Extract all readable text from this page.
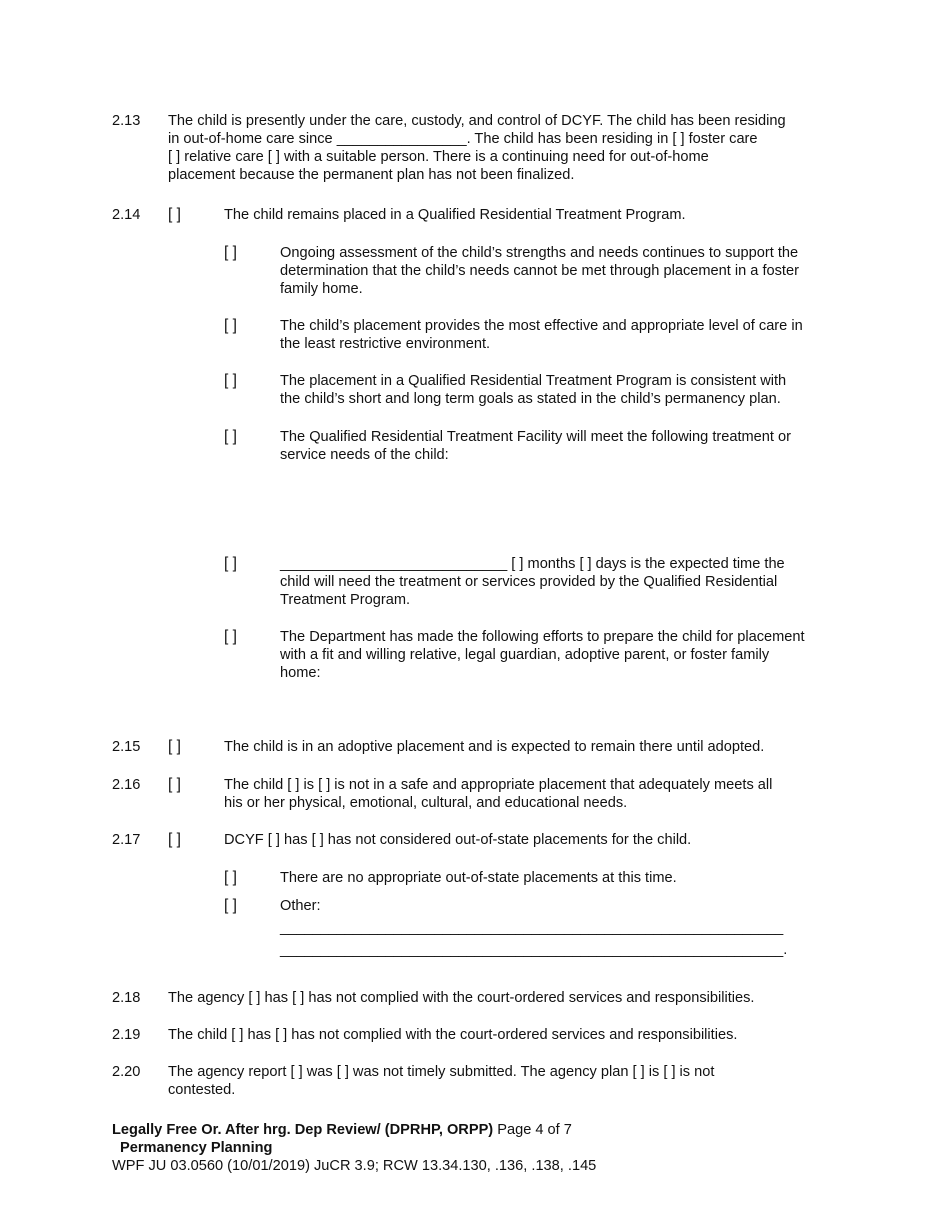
2.13 The child is presently under the care, custody, and control of DCYF. The child has been residing
in out-of-home care since ________________. The child has been residing in [ ] foster care
[ ] relative care [ ] with a suitable person. There is a continuing need for out-of-home
placement because the permanent plan has not been finalized.
2.14 [ ]	The child remains placed in a Qualified Residential Treatment Program.
[ ]	Ongoing assessment of the child’s strengths and needs continues to support the
determination that the child’s needs cannot be met through placement in a foster
family home.
[ ]	The child’s placement provides the most effective and appropriate level of care in
the least restrictive environment.
[ ]	The placement in a Qualified Residential Treatment Program is consistent with
the child’s short and long term goals as stated in the child’s permanency plan.
[ ]	The Qualified Residential Treatment Facility will meet the following treatment or
service needs of the child:
[ ]	____________________________ [ ] months [ ] days is the expected time the
child will need the treatment or services provided by the Qualified Residential
Treatment Program.
[ ]	The Department has made the following efforts to prepare the child for placement
with a fit and willing relative, legal guardian, adoptive parent, or foster family
home:
2.15 [ ]	The child is in an adoptive placement and is expected to remain there until adopted.
2.16 [ ]	The child [ ] is [ ] is not in a safe and appropriate placement that adequately meets all
his or her physical, emotional, cultural, and educational needs.
2.17 [ ]	DCYF [ ] has [ ] has not considered out-of-state placements for the child.
[ ]	There are no appropriate out-of-state placements at this time.
[ ]	Other:
______________________________________________________________
______________________________________________________________.
2.18 The agency [ ] has [ ] has not complied with the court-ordered services and responsibilities.
2.19 The child [ ] has [ ] has not complied with the court-ordered services and responsibilities.
2.20 The agency report [ ] was [ ] was not timely submitted. The agency plan [ ] is [ ] is not
contested.
Legally Free Or. After hrg. Dep Review/ (DPRHP, ORPP) Page 4 of 7
Permanency Planning
WPF JU 03.0560 (10/01/2019) JuCR 3.9; RCW 13.34.130, .136, .138, .145
